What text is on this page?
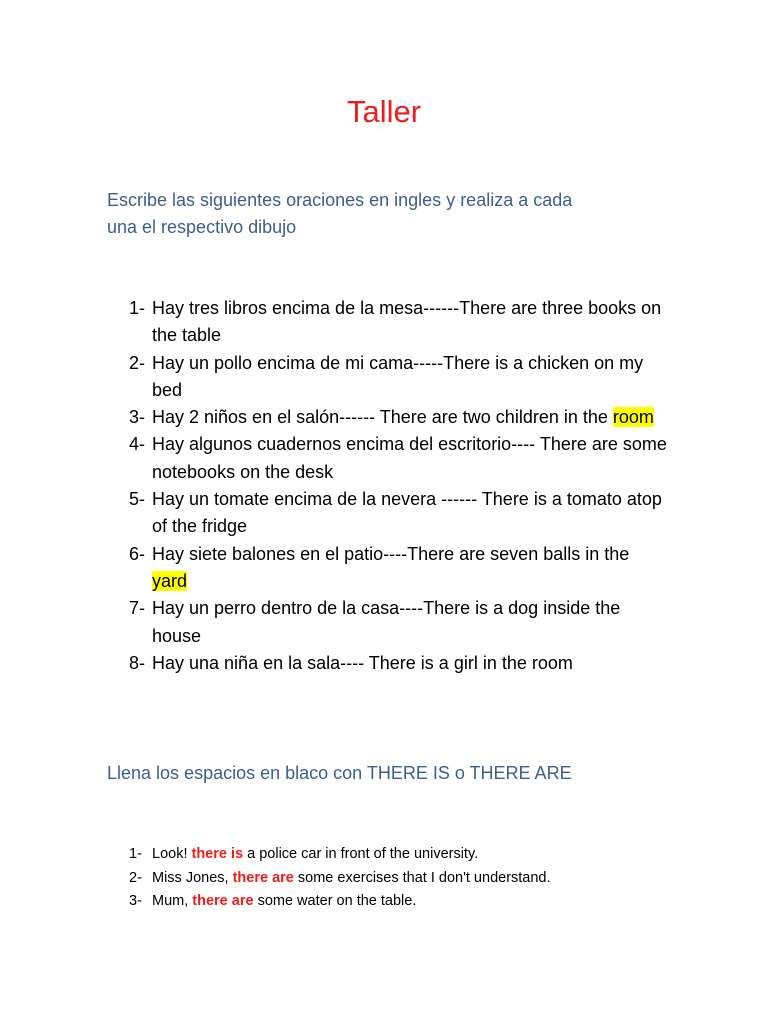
Taller
Escribe las siguientes oraciones en ingles y realiza a cada
una el respectivo dibujo
1- Hay tres libros encima de la mesa------There are three books on the table
2- Hay un pollo encima de mi cama-----There is a chicken on my bed
3- Hay 2 niños en el salón------ There are two children in the room
4- Hay algunos cuadernos encima del escritorio---- There are some notebooks on the desk
5- Hay un tomate encima de la nevera ------ There is a tomato atop of the fridge
6- Hay siete balones en el patio----There are seven balls in the yard
7- Hay un perro dentro de la casa----There is a dog inside the house
8- Hay una niña en la sala---- There is a girl in the room
Llena los espacios en blaco con THERE IS o THERE ARE
1- Look! there is a police car in front of the university.
2- Miss Jones, there are some exercises that I don't understand.
3- Mum, there are some water on the table.
